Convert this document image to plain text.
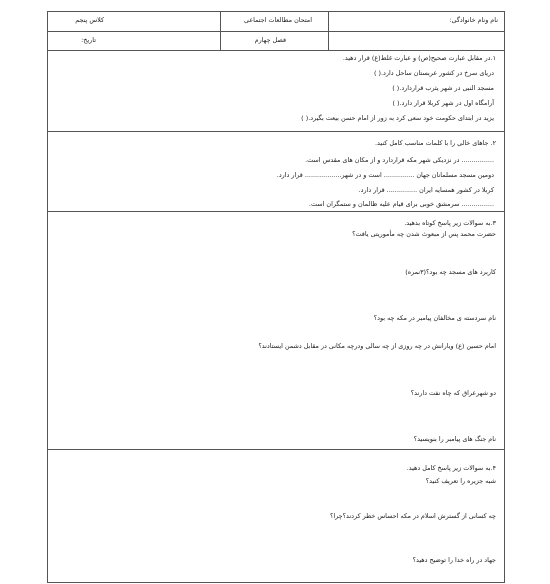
نام ونام خانوادگی:
امتحان مطالعات اجتماعی
فصل چهارم
کلاس پنجم
تاریخ:
۱.در مقابل عبارت صحیح(ص) و عبارت غلط(غ) قرار دهید.
دریای سرخ در کشور عربستان ساحل دارد.( )
مسجد النبی در شهر یثرب قراردارد.( )
آرامگاه اول در شهر کربلا قرار دارد.( )
یزید در ابتدای حکومت خود سعی کرد به زور از امام حسن بیعت بگیرد.( )
۲. جاهای خالی را با کلمات مناسب کامل کنید.
................ در نزدیکی شهر مکه قراردارد و از مکان های مقدس است.
دومین مسجد مسلمانان جهان ............... است و در شهر.................. قرار دارد.
کربلا در کشور همسایه ایران ............... قرار دارد.
................ سرمشق خوبی برای قیام علیه ظالمان و ستمگران است.
۳.به سوالات زیر پاسخ کوتاه بدهید.
حضرت محمد پس از مبعوث شدن چه مأموریتی یافت؟
کاربرد های مسجد چه بود؟(۳نمره)
نام سردسته ی مخالفان پیامبر در مکه چه بود؟
امام حسین (ع) ویارانش در چه روزی از چه سالی ودرچه مکانی در مقابل دشمن ایستادند؟
دو شهرعراق که چاه نفت دارند؟
نام جنگ های پیامبر را بنویسید؟
۴.به سوالات زیر پاسخ کامل دهید.
شبه جزیره را تعریف کنید؟
چه کسانی از گسترش اسلام در مکه احساس خطر کردند؟چرا؟
جهاد در راه خدا را توضیح دهید؟
